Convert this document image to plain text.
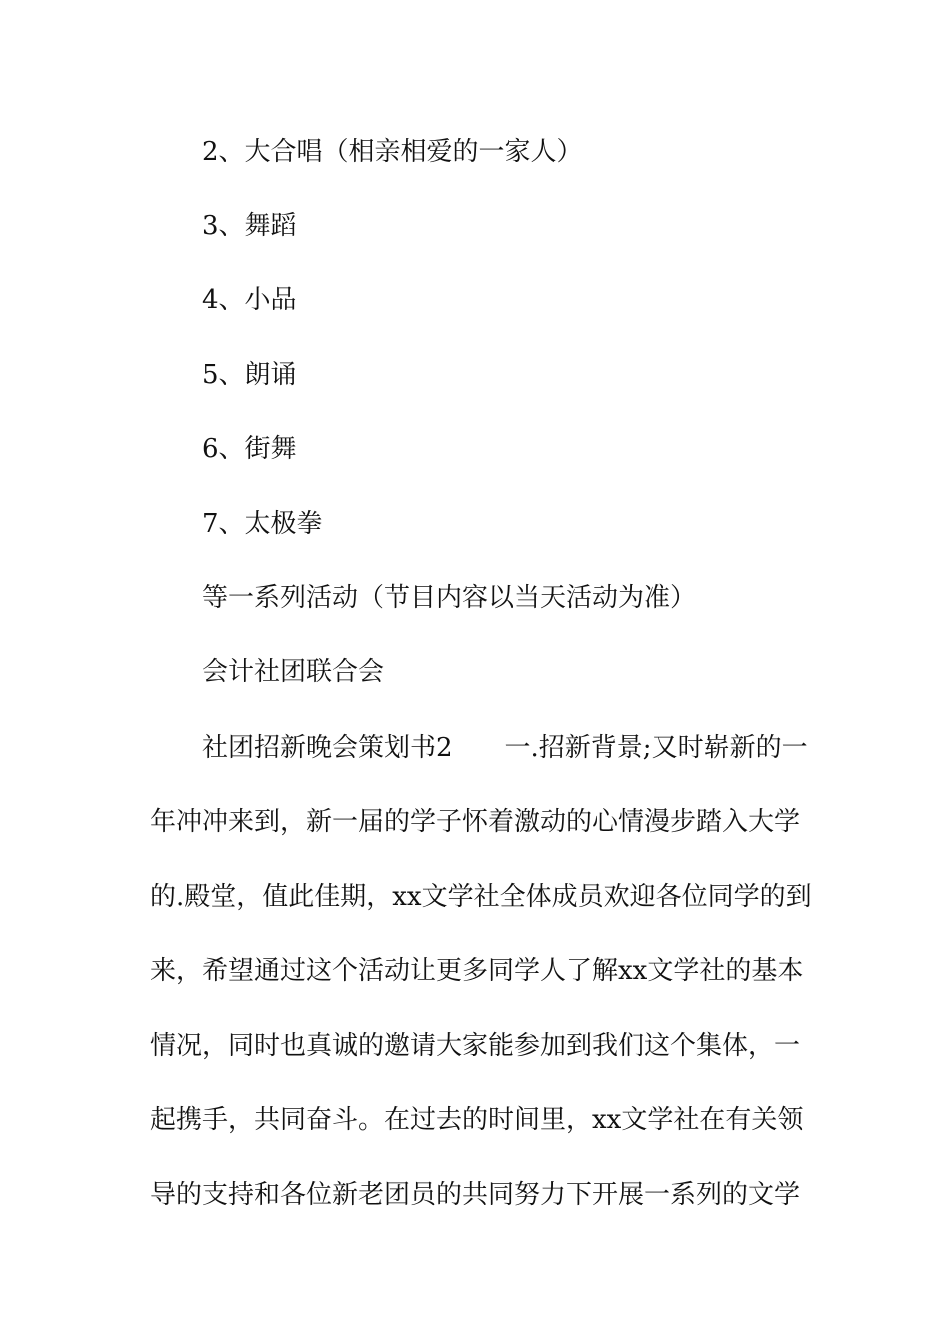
2、大合唱（相亲相爱的一家人）
3、舞蹈
4、小品
5、朗诵
6、街舞
7、太极拳
等一系列活动（节目内容以当天活动为准）
会计社团联合会
社团招新晚会策划书2 一.招新背景;又时崭新的一
年冲冲来到，新一届的学子怀着激动的心情漫步踏入大学
的.殿堂，值此佳期，xx文学社全体成员欢迎各位同学的到
来，希望通过这个活动让更多同学人了解xx文学社的基本
情况，同时也真诚的邀请大家能参加到我们这个集体，一
起携手，共同奋斗。在过去的时间里，xx文学社在有关领
导的支持和各位新老团员的共同努力下开展一系列的文学
